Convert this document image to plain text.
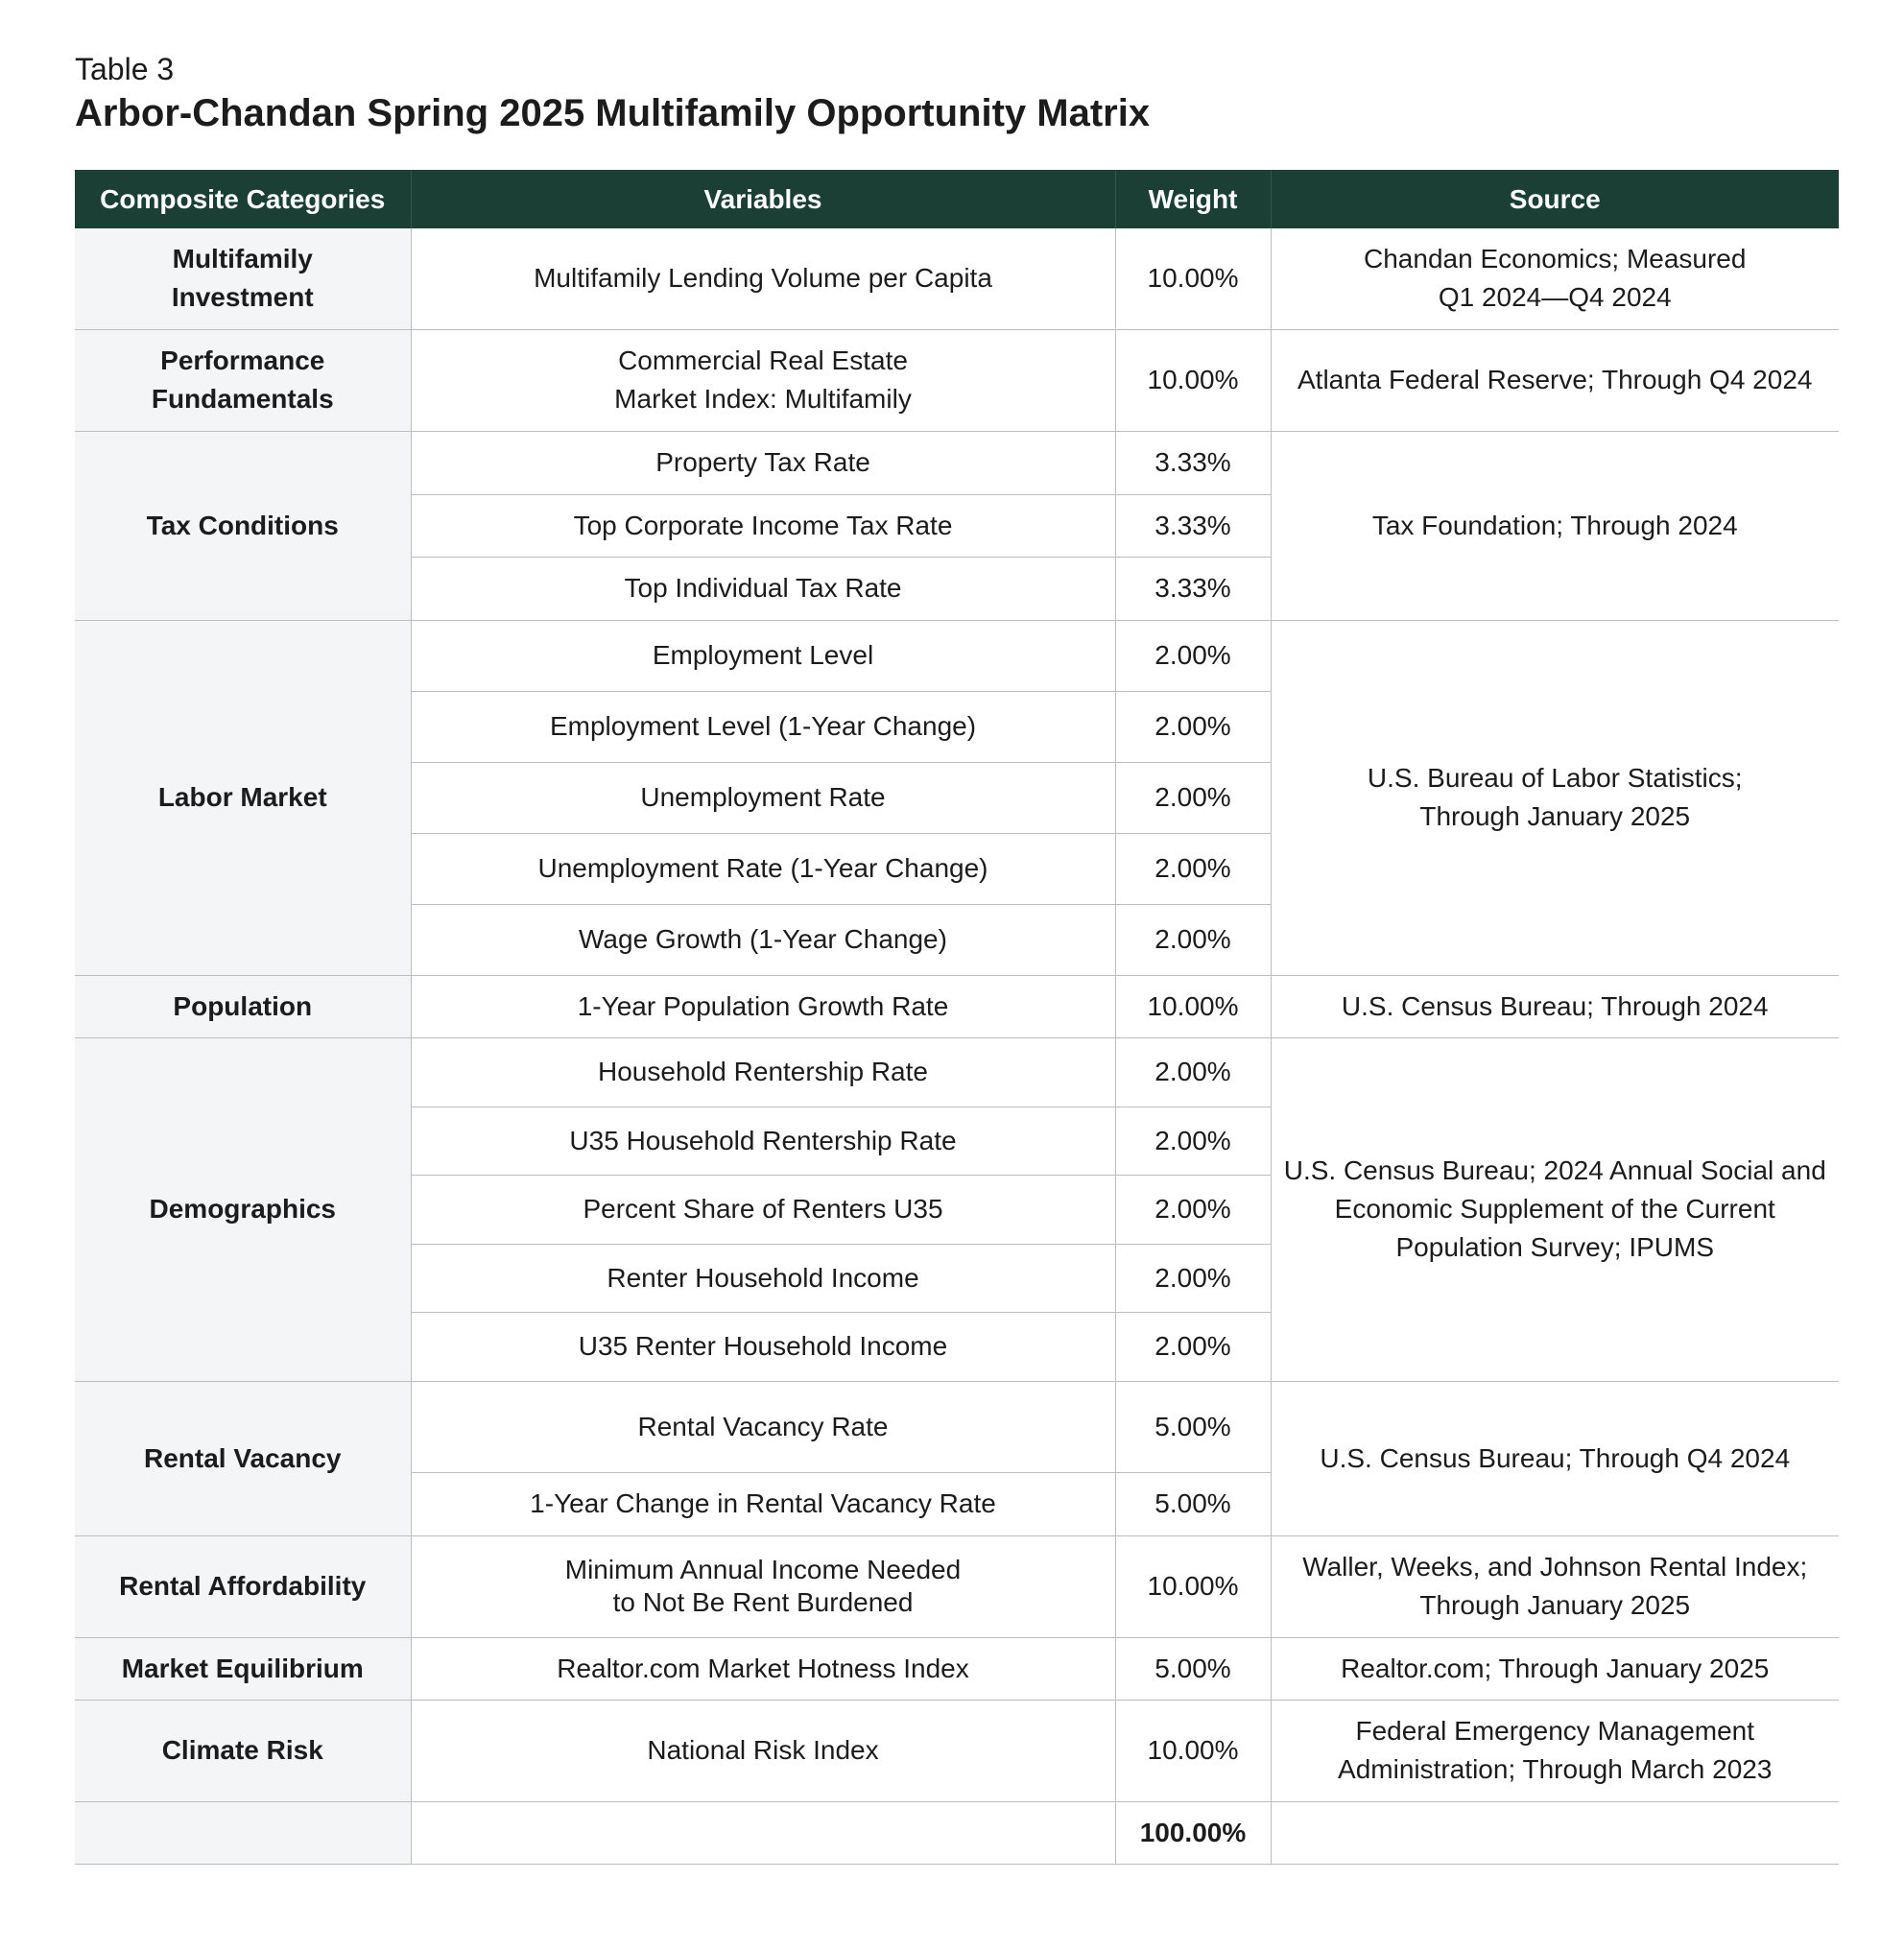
Table 3

Arbor-Chandan Spring 2025 Multifamily Opportunity Matrix
Composite Categories	Variables	Weight	Source
Multifamily Investment	Multifamily Lending Volume per Capita	10.00%	Chandan Economics; Measured Q1 2024—Q4 2024
Performance Fundamentals	Commercial Real Estate Market Index: Multifamily	10.00%	Atlanta Federal Reserve; Through Q4 2024
Tax Conditions	Property Tax Rate	3.33%	Tax Foundation; Through 2024
	Top Corporate Income Tax Rate	3.33%	
	Top Individual Tax Rate	3.33%	
Labor Market	Employment Level	2.00%	U.S. Bureau of Labor Statistics; Through January 2025
	Employment Level (1-Year Change)	2.00%	
	Unemployment Rate	2.00%	
	Unemployment Rate (1-Year Change)	2.00%	
	Wage Growth (1-Year Change)	2.00%	
Population	1-Year Population Growth Rate	10.00%	U.S. Census Bureau; Through 2024
Demographics	Household Rentership Rate	2.00%	U.S. Census Bureau; 2024 Annual Social and Economic Supplement of the Current Population Survey; IPUMS
	U35 Household Rentership Rate	2.00%	
	Percent Share of Renters U35	2.00%	
	Renter Household Income	2.00%	
	U35 Renter Household Income	2.00%	
Rental Vacancy	Rental Vacancy Rate	5.00%	U.S. Census Bureau; Through Q4 2024
	1-Year Change in Rental Vacancy Rate	5.00%	
Rental Affordability	Minimum Annual Income Needed to Not Be Rent Burdened	10.00%	Waller, Weeks, and Johnson Rental Index; Through January 2025
Market Equilibrium	Realtor.com Market Hotness Index	5.00%	Realtor.com; Through January 2025
Climate Risk	National Risk Index	10.00%	Federal Emergency Management Administration; Through March 2023
		100.00%	
